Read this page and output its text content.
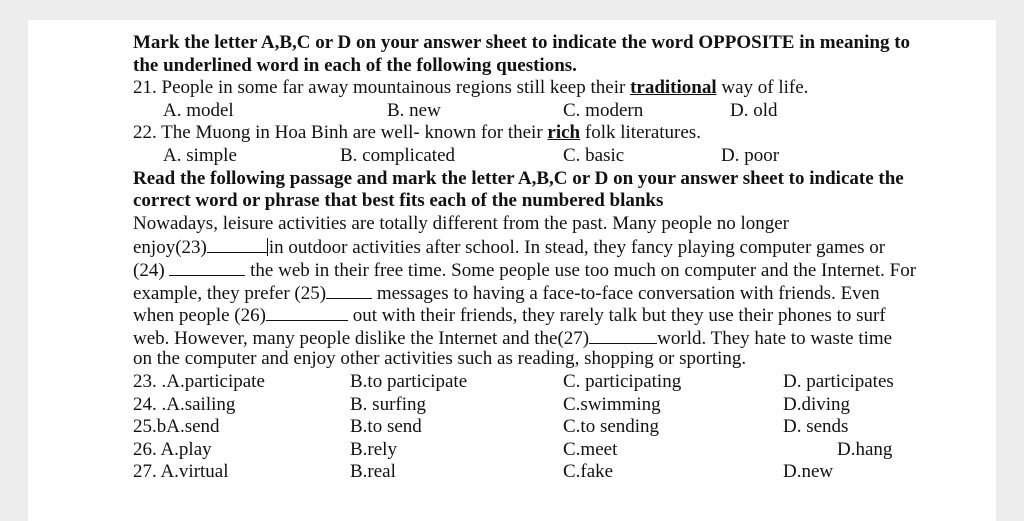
Mark the letter A,B,C or D on your answer sheet to indicate the word OPPOSITE in meaning to
the underlined word in each of the following questions.
21. People in some far away mountainous regions still keep their traditional way of life.
A. model	B. new	C. modern	D. old
22. The Muong in Hoa Binh are well- known for their rich folk literatures.
A. simple	B. complicated	C. basic	D. poor
Read the following passage and mark the letter A,B,C or D on your answer sheet to indicate the
correct word or phrase that best fits each of the numbered blanks
Nowadays, leisure activities are totally different from the past. Many people no longer
enjoy(23)	in outdoor activities after school. In stead, they fancy playing computer games or
(24)	the web in their free time. Some people use too much on computer and the Internet. For
example, they prefer (25) messages to having a face-to-face conversation with friends. Even
when people (26)	out with their friends, they rarely talk but they use their phones to surf
web. However, many people dislike the Internet and the(27)	world. They hate to waste time
on the computer and enjoy other activities such as reading, shopping or sporting.
23. .A.participate	B.to participate	C. participating	D. participates
24. .A.sailing	B. surfing	C.swimming	D.diving
25.bA.send	B.to send	C.to sending	D. sends
26. A.play	B.rely	C.meet	D.hang
27. A.virtual	B.real	C.fake	D.new
